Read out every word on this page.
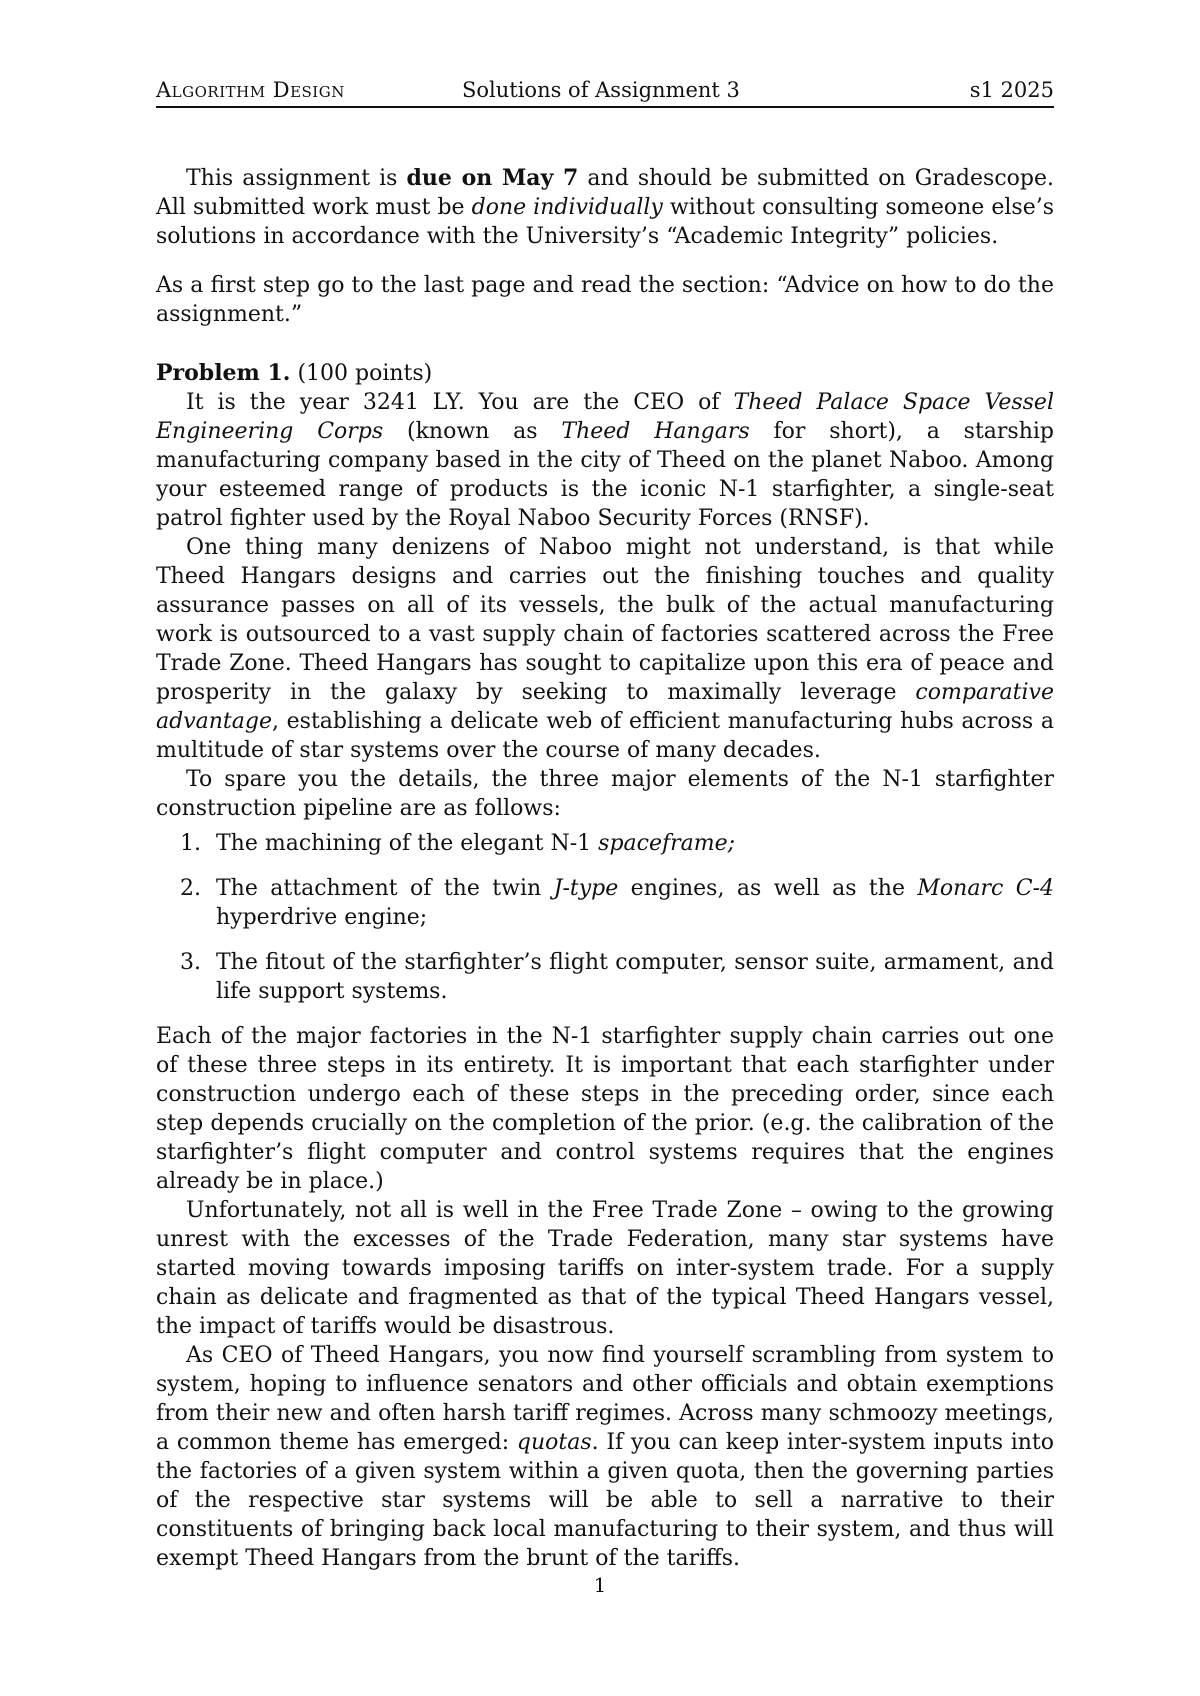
Algorithm Design	Solutions of Assignment 3	s1 2025

This assignment is due on May 7 and should be submitted on Gradescope. All submitted work must be done individually without consulting someone else’s solutions in accordance with the University’s “Academic Integrity” policies.

As a first step go to the last page and read the section: “Advice on how to do the assignment.”

Problem 1. (100 points)

It is the year 3241 LY. You are the CEO of Theed Palace Space Vessel Engineering Corps (known as Theed Hangars for short), a starship manufacturing company based in the city of Theed on the planet Naboo. Among your esteemed range of products is the iconic N-1 starfighter, a single-seat patrol fighter used by the Royal Naboo Security Forces (RNSF).

One thing many denizens of Naboo might not understand, is that while Theed Hangars designs and carries out the finishing touches and quality assurance passes on all of its vessels, the bulk of the actual manufacturing work is outsourced to a vast supply chain of factories scattered across the Free Trade Zone. Theed Hangars has sought to capitalize upon this era of peace and prosperity in the galaxy by seeking to maximally leverage comparative advantage, establishing a delicate web of efficient manufacturing hubs across a multitude of star systems over the course of many decades.

To spare you the details, the three major elements of the N-1 starfighter construction pipeline are as follows:

1. The machining of the elegant N-1 spaceframe;
2. The attachment of the twin J-type engines, as well as the Monarc C-4 hyperdrive engine;
3. The fitout of the starfighter’s flight computer, sensor suite, armament, and life support systems.

Each of the major factories in the N-1 starfighter supply chain carries out one of these three steps in its entirety. It is important that each starfighter under construction undergo each of these steps in the preceding order, since each step depends crucially on the completion of the prior. (e.g. the calibration of the starfighter’s flight computer and control systems requires that the engines already be in place.)

Unfortunately, not all is well in the Free Trade Zone – owing to the growing unrest with the excesses of the Trade Federation, many star systems have started moving towards imposing tariffs on inter-system trade. For a supply chain as delicate and fragmented as that of the typical Theed Hangars vessel, the impact of tariffs would be disastrous.

As CEO of Theed Hangars, you now find yourself scrambling from system to system, hoping to influence senators and other officials and obtain exemptions from their new and often harsh tariff regimes. Across many schmoozy meetings, a common theme has emerged: quotas. If you can keep inter-system inputs into the factories of a given system within a given quota, then the governing parties of the respective star systems will be able to sell a narrative to their constituents of bringing back local manufacturing to their system, and thus will exempt Theed Hangars from the brunt of the tariffs.

1
